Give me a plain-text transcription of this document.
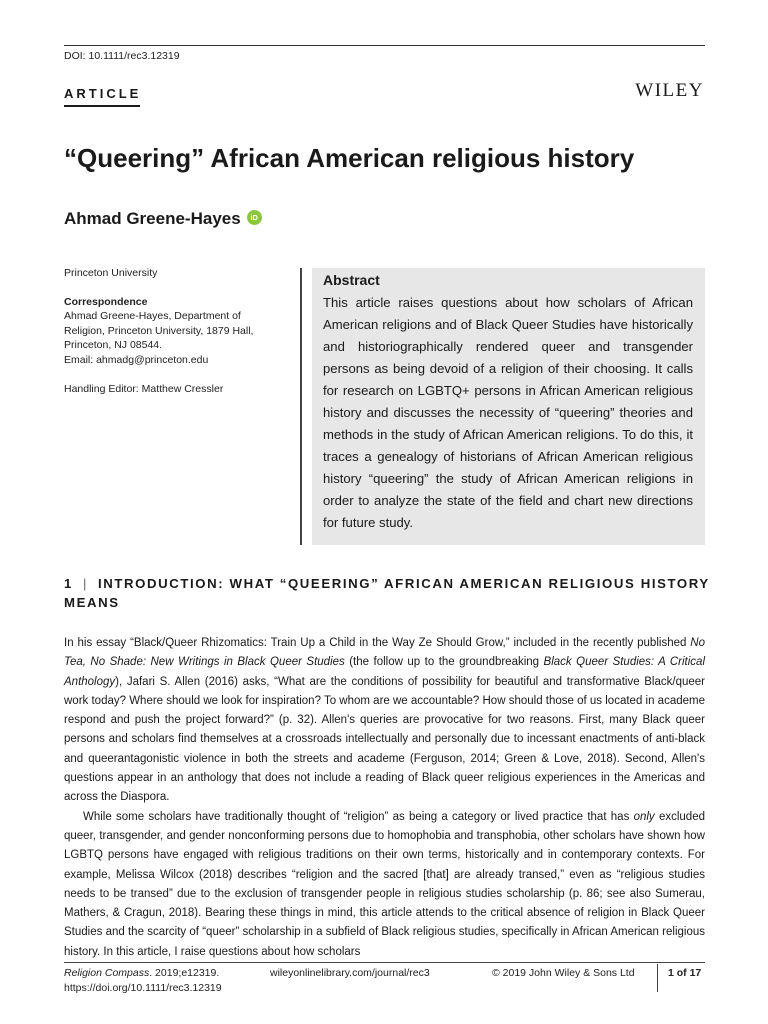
DOI: 10.1111/rec3.12319
ARTICLE	WILEY
“Queering” African American religious history
Ahmad Greene-Hayes	iD

Princeton University

Correspondence

Ahmad Greene-Hayes, Department of

Religion, Princeton University, 1879 Hall,

Princeton, NJ 08544.

Email: ahmadg@princeton.edu

Handling Editor: Matthew Cressler

Abstract
This article raises questions about how scholars of African American religions and of Black Queer Studies have historically and historiographically rendered queer and transgender persons as being devoid of a religion of their choosing. It calls for research on LGBTQ+ persons in African American religious history and discusses the necessity of “queering” theories and methods in the study of African American religions. To do this, it traces a genealogy of historians of African American religious history “queering” the study of African American religions in order to analyze the state of the field and chart new directions for future study.
1 | INTRODUCTION: WHAT “QUEERING” AFRICAN AMERICAN RELIGIOUS HISTORY MEANS

In his essay “Black/Queer Rhizomatics: Train Up a Child in the Way Ze Should Grow,” included in the recently published No Tea, No Shade: New Writings in Black Queer Studies (the follow up to the groundbreaking Black Queer Studies: A Critical Anthology), Jafari S. Allen (2016) asks, “What are the conditions of possibility for beautiful and transformative Black/queer work today? Where should we look for inspiration? To whom are we accountable? How should those of us located in academe respond and push the project forward?” (p. 32). Allen's queries are provocative for two reasons. First, many Black queer persons and scholars find themselves at a crossroads intellectually and personally due to incessant enactments of anti-black and queerantagonistic violence in both the streets and academe (Ferguson, 2014; Green & Love, 2018). Second, Allen's questions appear in an anthology that does not include a reading of Black queer religious experiences in the Americas and across the Diaspora.

While some scholars have traditionally thought of “religion” as being a category or lived practice that has only excluded queer, transgender, and gender nonconforming persons due to homophobia and transphobia, other scholars have shown how LGBTQ persons have engaged with religious traditions on their own terms, historically and in contemporary contexts. For example, Melissa Wilcox (2018) describes “religion and the sacred [that] are already transed,” even as “religious studies needs to be transed” due to the exclusion of transgender people in religious studies scholarship (p. 86; see also Sumerau, Mathers, & Cragun, 2018). Bearing these things in mind, this article attends to the critical absence of religion in Black Queer Studies and the scarcity of “queer” scholarship in a subfield of Black religious studies, specifically in African American religious history. In this article, I raise questions about how scholars

Religion Compass. 2019;e12319.
https://doi.org/10.1111/rec3.12319
wileyonlinelibrary.com/journal/rec3	© 2019 John Wiley & Sons Ltd	1 of 17
